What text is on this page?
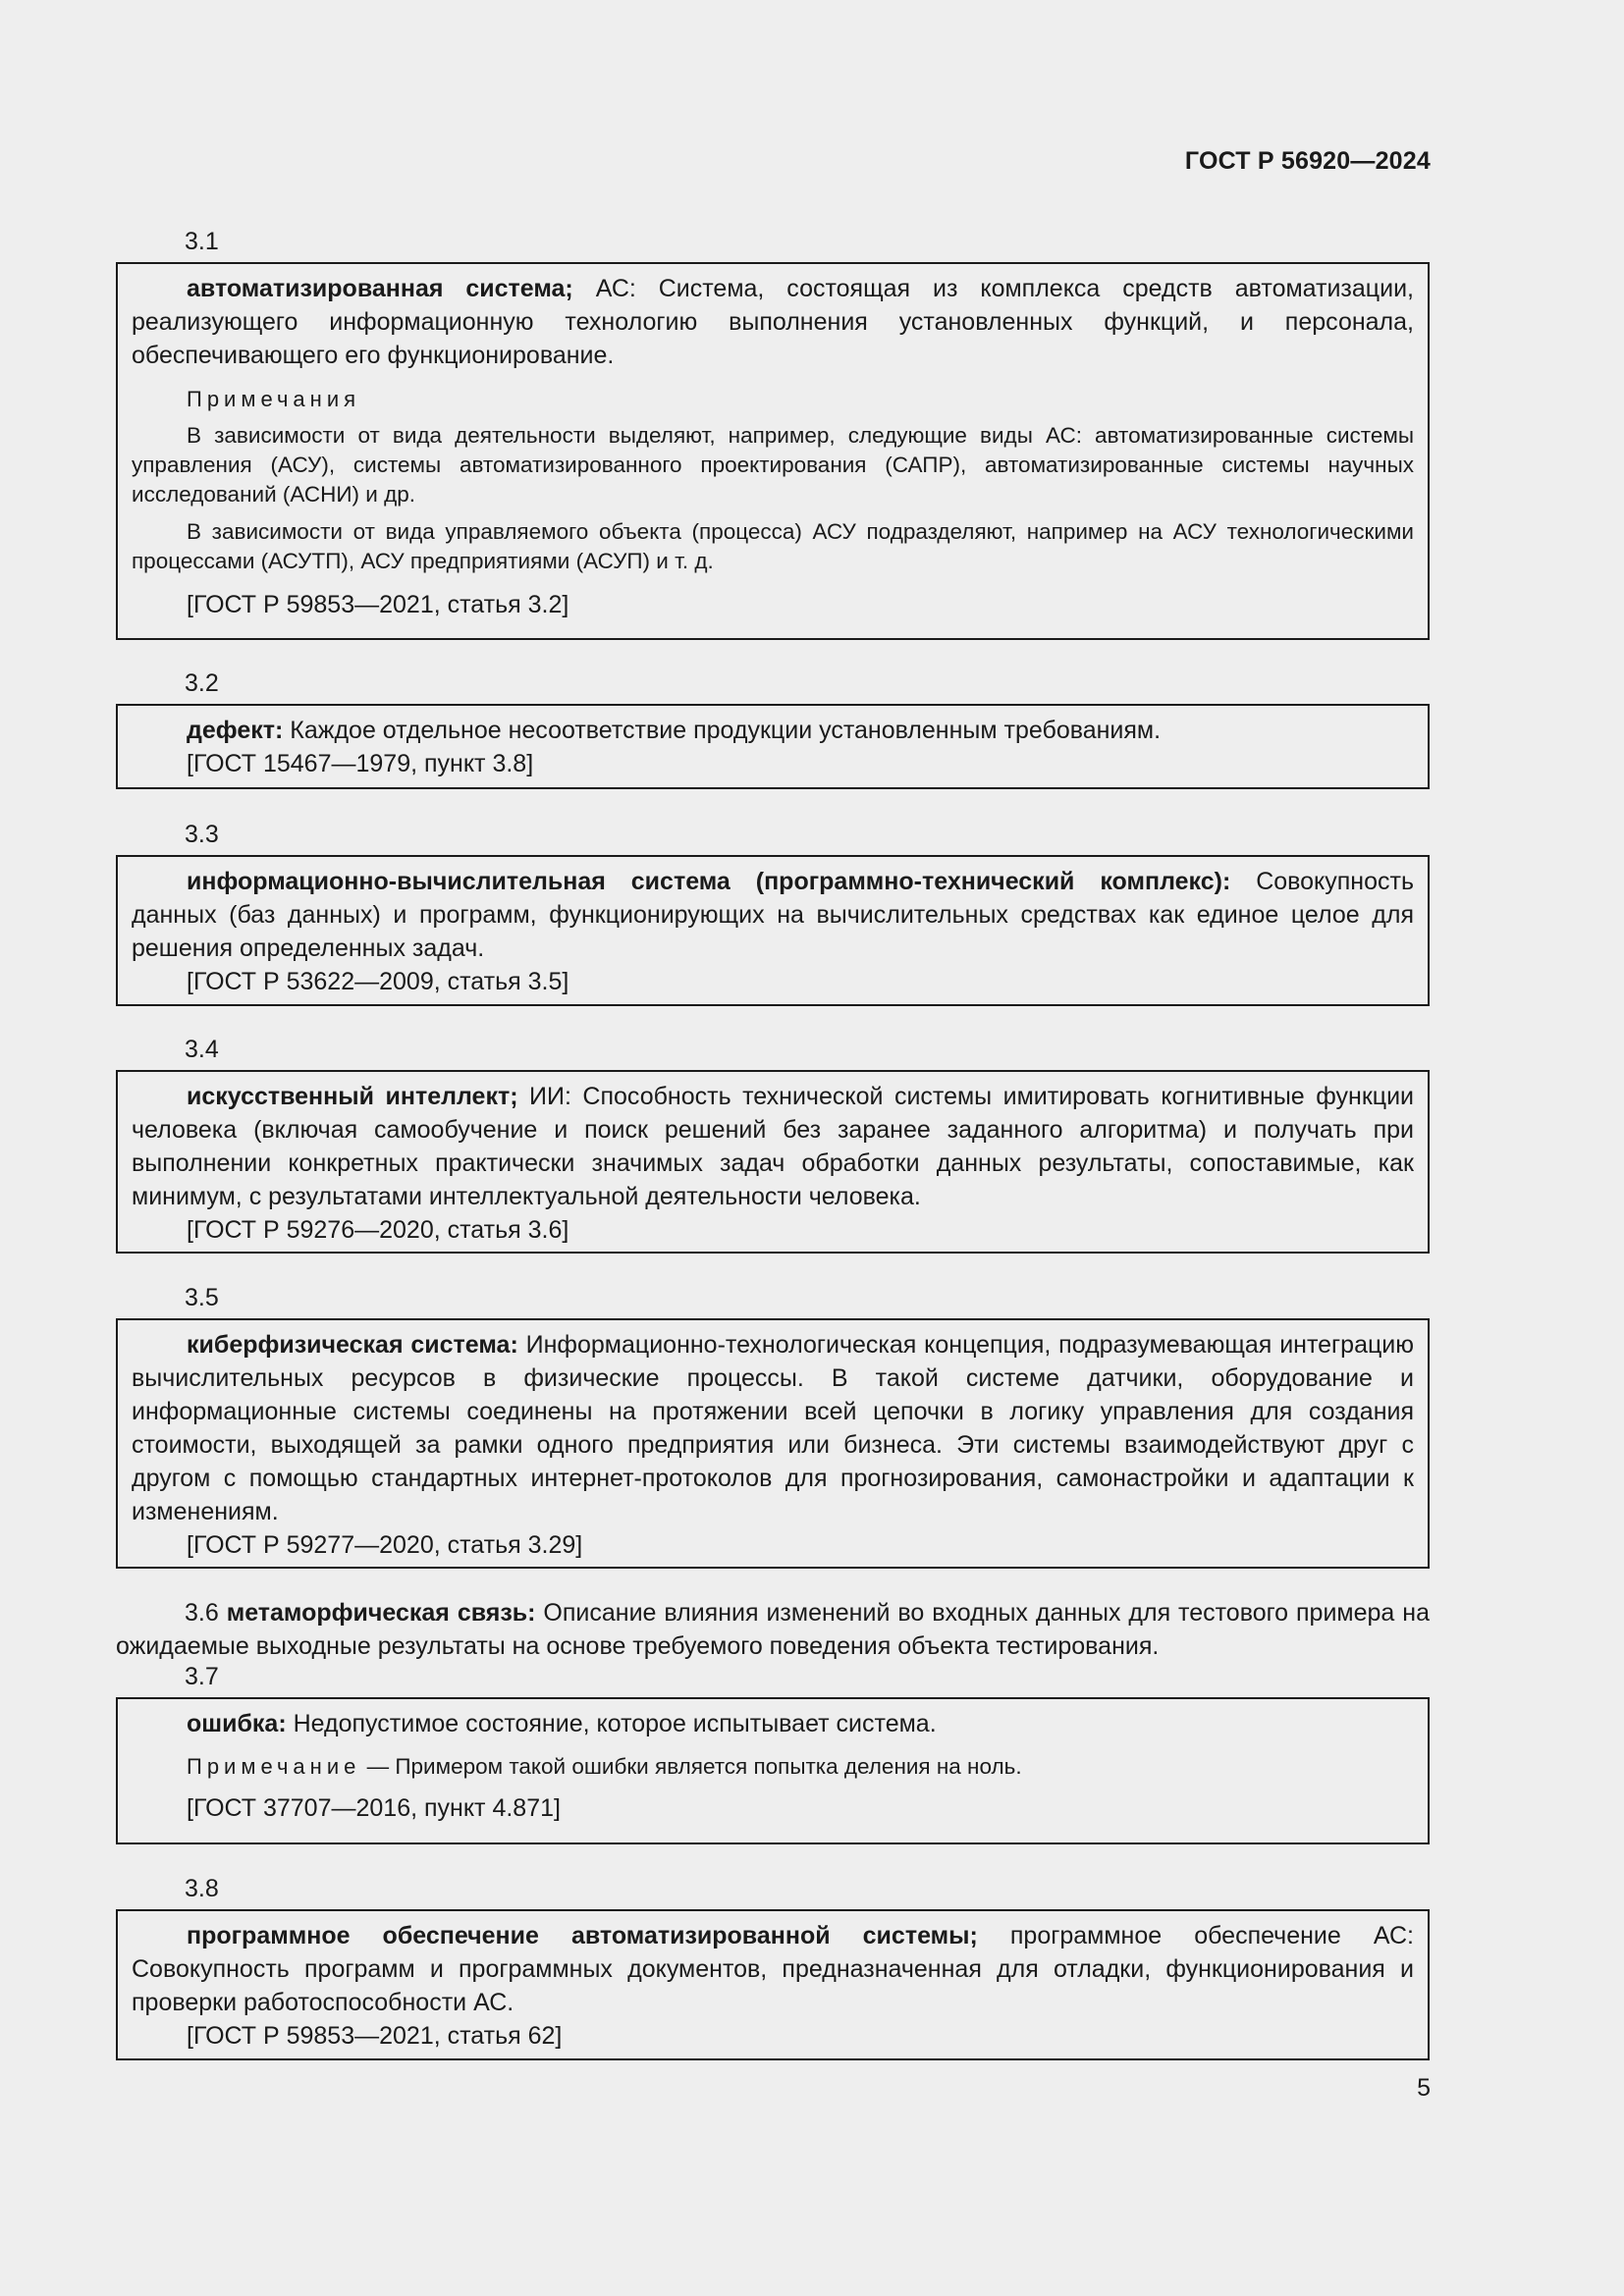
ГОСТ Р 56920—2024
3.1

автоматизированная система; АС: Система, состоящая из комплекса средств автоматизации, реализующего информационную технологию выполнения установленных функций, и персонала, обеспечивающего его функционирование.

Примечания

В зависимости от вида деятельности выделяют, например, следующие виды АС: автоматизированные системы управления (АСУ), системы автоматизированного проектирования (САПР), автоматизированные системы научных исследований (АСНИ) и др.

В зависимости от вида управляемого объекта (процесса) АСУ подразделяют, например на АСУ технологическими процессами (АСУТП), АСУ предприятиями (АСУП) и т. д.

[ГОСТ Р 59853—2021, статья 3.2]

3.2

дефект: Каждое отдельное несоответствие продукции установленным требованиям.

[ГОСТ 15467—1979, пункт 3.8]

3.3

информационно-вычислительная система (программно-технический комплекс): Совокупность данных (баз данных) и программ, функционирующих на вычислительных средствах как единое целое для решения определенных задач.

[ГОСТ Р 53622—2009, статья 3.5]

3.4

искусственный интеллект; ИИ: Способность технической системы имитировать когнитивные функции человека (включая самообучение и поиск решений без заранее заданного алгоритма) и получать при выполнении конкретных практически значимых задач обработки данных результаты, сопоставимые, как минимум, с результатами интеллектуальной деятельности человека.

[ГОСТ Р 59276—2020, статья 3.6]

3.5

киберфизическая система: Информационно-технологическая концепция, подразумевающая интеграцию вычислительных ресурсов в физические процессы. В такой системе датчики, оборудование и информационные системы соединены на протяжении всей цепочки в логику управления для создания стоимости, выходящей за рамки одного предприятия или бизнеса. Эти системы взаимодействуют друг с другом с помощью стандартных интернет-протоколов для прогнозирования, самонастройки и адаптации к изменениям.

[ГОСТ Р 59277—2020, статья 3.29]

3.6 метаморфическая связь: Описание влияния изменений во входных данных для тестового примера на ожидаемые выходные результаты на основе требуемого поведения объекта тестирования.

3.7

ошибка: Недопустимое состояние, которое испытывает система.

Примечание — Примером такой ошибки является попытка деления на ноль.

[ГОСТ 37707—2016, пункт 4.871]

3.8

программное обеспечение автоматизированной системы; программное обеспечение АС: Совокупность программ и программных документов, предназначенная для отладки, функционирования и проверки работоспособности АС.

[ГОСТ Р 59853—2021, статья 62]

5
